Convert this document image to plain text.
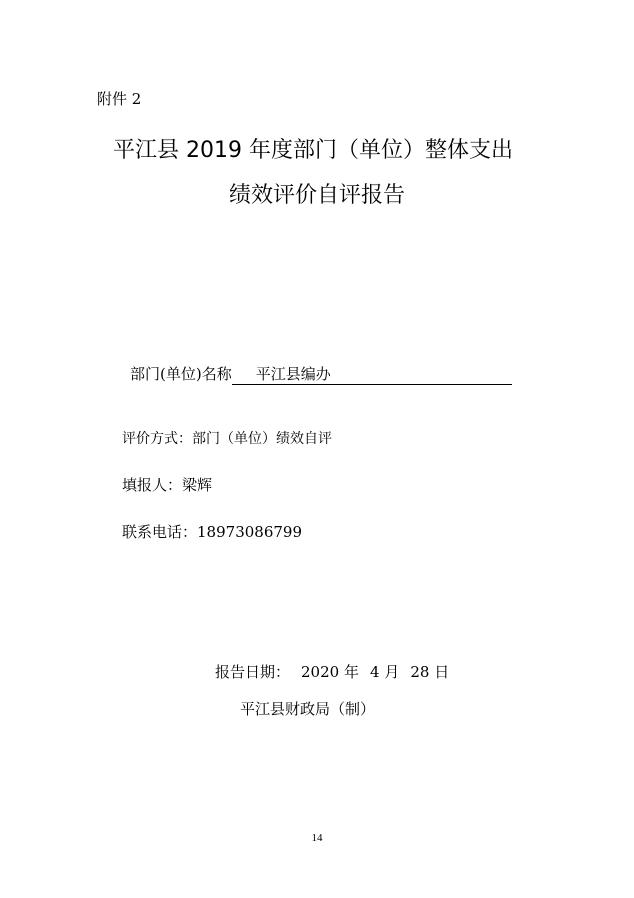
附件 2
平江县 2019 年度部门（单位）整体支出
绩效评价自评报告
部门(单位)名称 平江县编办
评价方式：部门（单位）绩效自评
填报人：梁辉
联系电话：18973086799
报告日期： 2020 年 4 月 28 日
平江县财政局（制）
14
